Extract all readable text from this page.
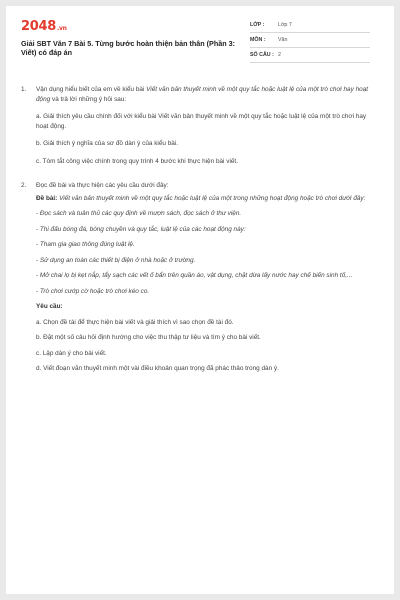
2048.vn
Giải SBT Văn 7 Bài 5. Từng bước hoàn thiện bản thân (Phần 3: Viết) có đáp án
LỚP :	Lớp 7
MÔN :	Văn
SỐ CÂU : 2
1.	Vận dụng hiểu biết của em về kiểu bài Viết văn bản thuyết minh về một quy tắc hoặc luật lệ của một trò chơi hay hoạt động và trả lời những ý hỏi sau:
a. Giải thích yêu cầu chính đối với kiểu bài Viết văn bản thuyết minh về một quy tắc hoặc luật lệ của một trò chơi hay hoạt động.
b. Giải thích ý nghĩa của sơ đồ dàn ý của kiểu bài.
c. Tóm tắt công việc chính trong quy trình 4 bước khi thực hiện bài viết.
2.	Đọc đề bài và thực hiện các yêu cầu dưới đây:
Đề bài: Viết văn bản thuyết minh về một quy tắc hoặc luật lệ của một trong những hoạt động hoặc trò chơi dưới đây:
- Đọc sách và tuân thủ các quy định về mượn sách, đọc sách ở thư viện.
- Thi đấu bóng đá, bóng chuyền và quy tắc, luật lệ của các hoạt động này:
- Tham gia giao thông đúng luật lệ.
- Sử dụng an toàn các thiết bị điện ở nhà hoặc ở trường.
- Mở chai lọ bị kẹt nắp, tẩy sạch các vết ố bẩn trên quần áo, vật dụng, chặt dừa lấy nước hay chế biến sinh tố,...
- Trò chơi cướp cờ hoặc trò chơi kéo co.
Yêu cầu:
a. Chọn đề tài để thực hiện bài viết và giải thích vì sao chọn đề tài đó.
b. Đặt một số câu hỏi định hướng cho việc thu thập tư liệu và tìm ý cho bài viết.
c. Lập dàn ý cho bài viết.
d. Viết đoạn văn thuyết minh một vài điều khoản quan trọng đã phác thảo trong dàn ý.
